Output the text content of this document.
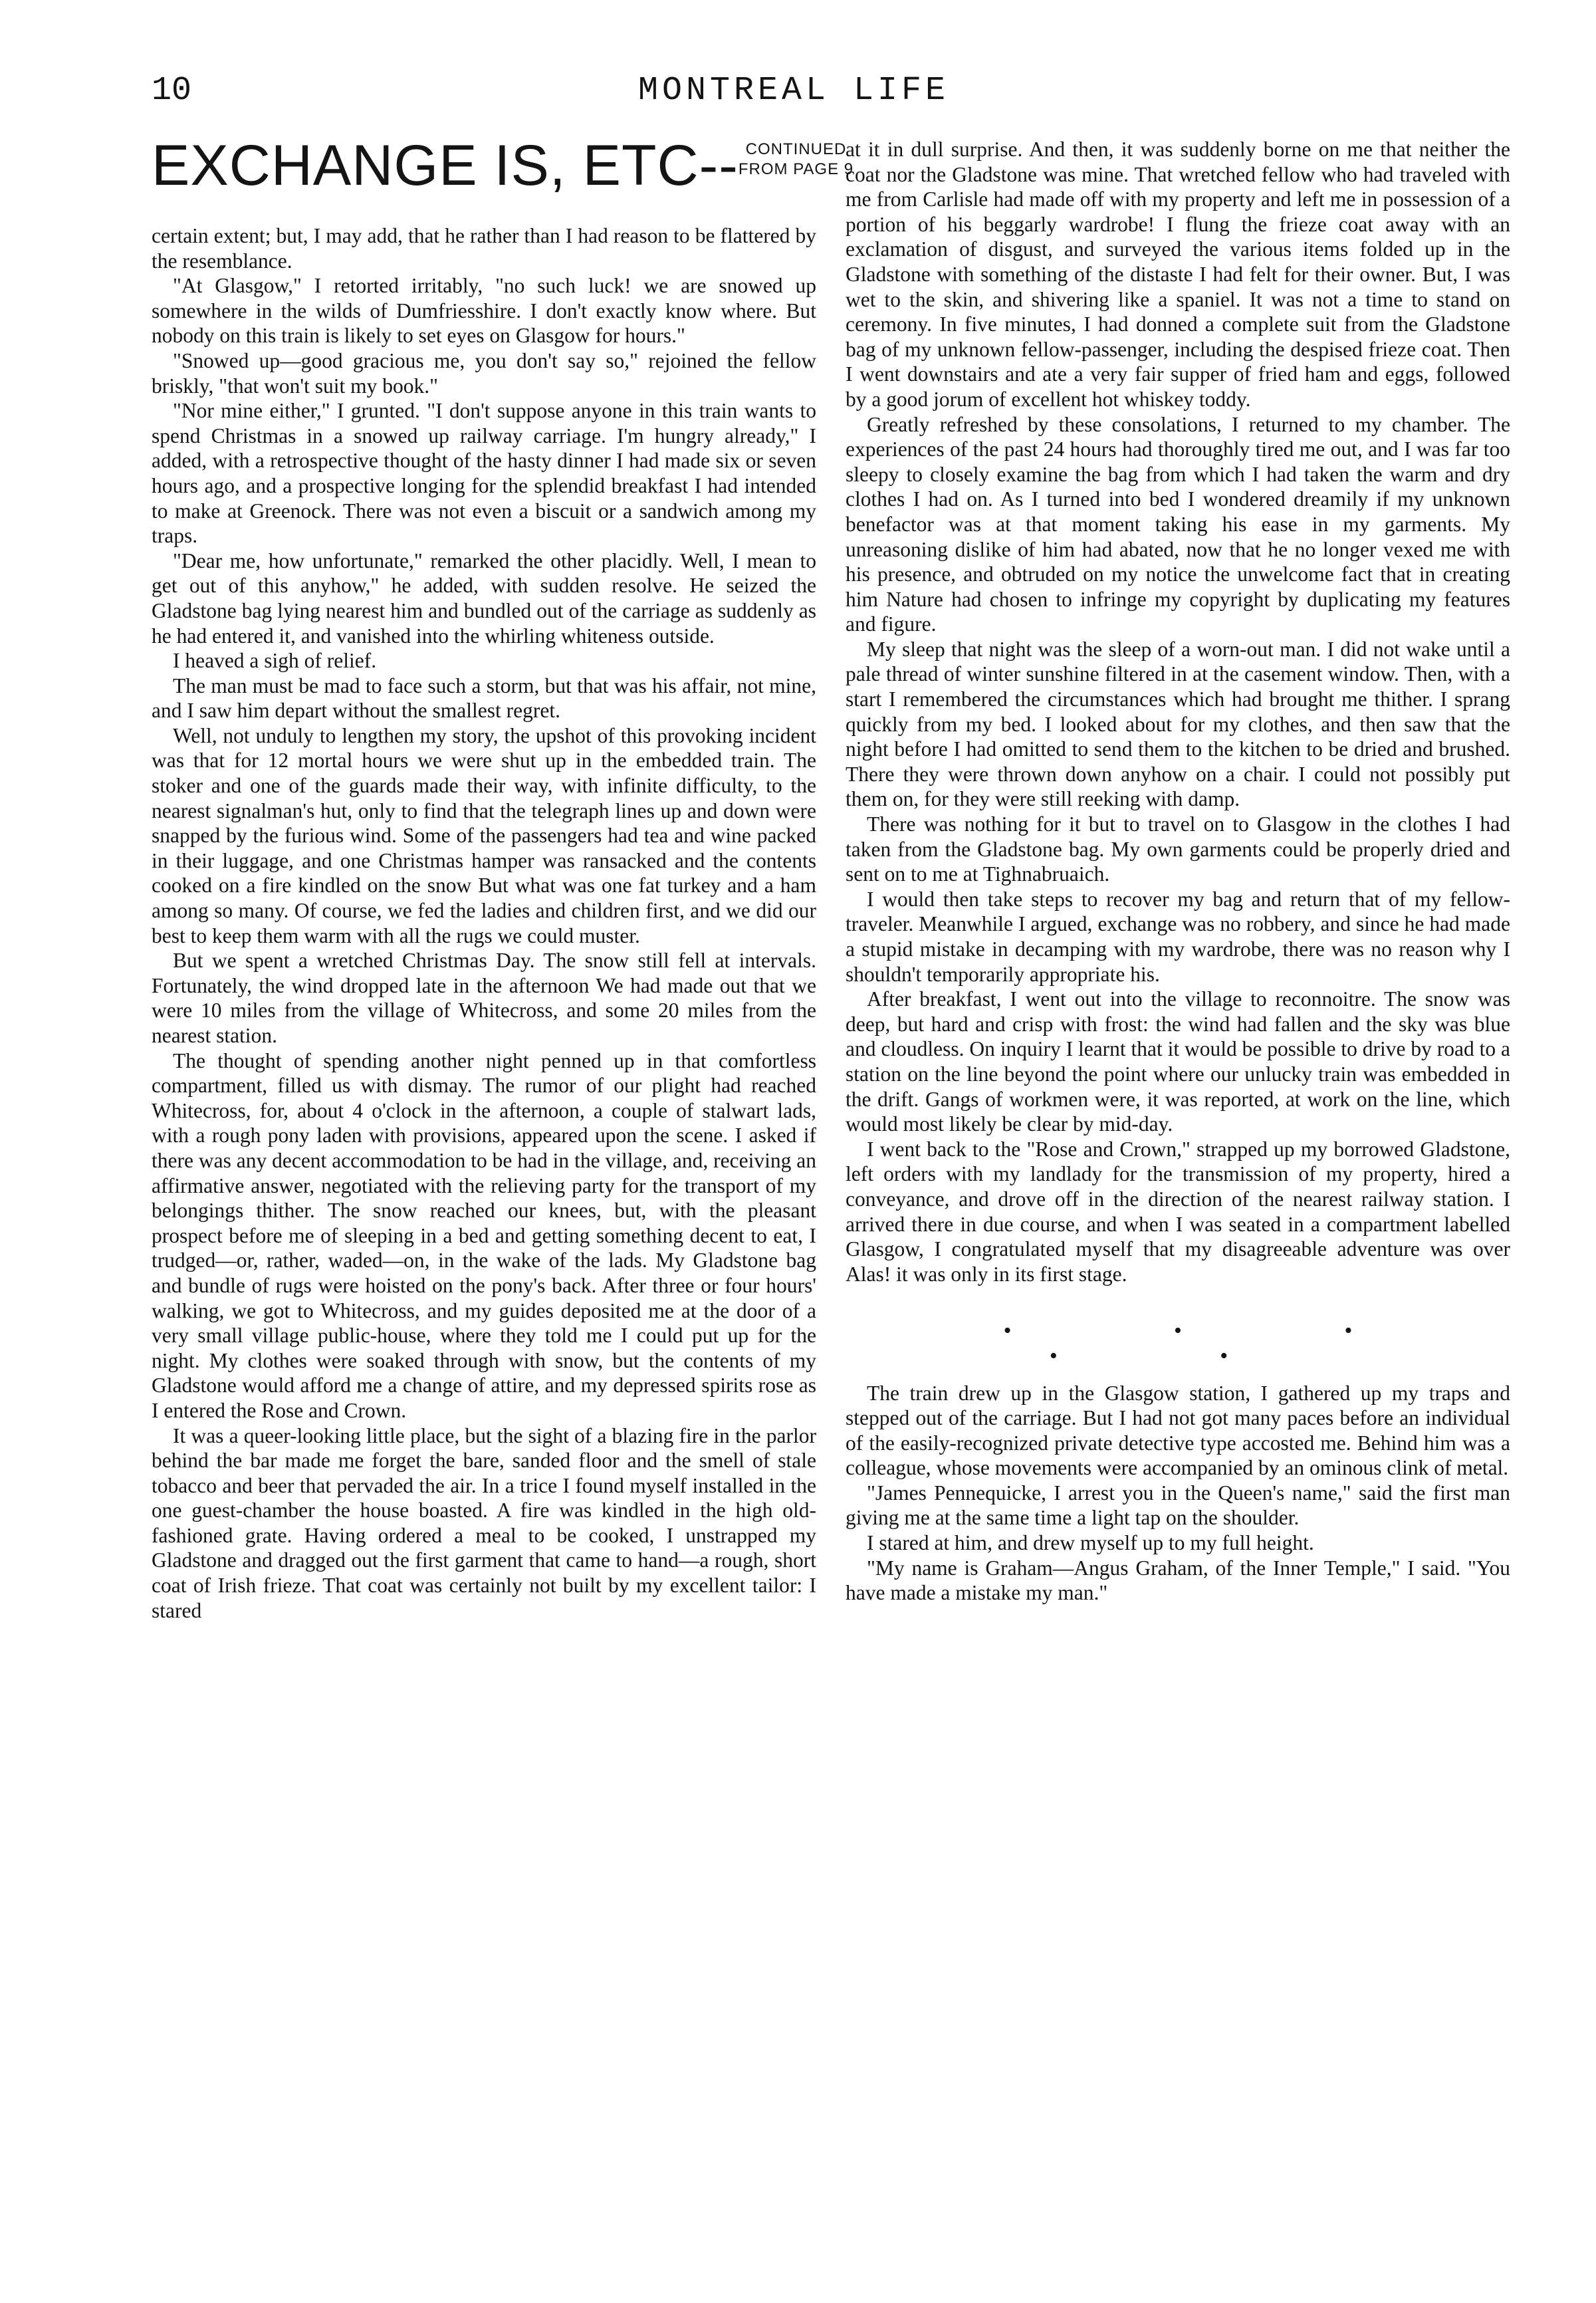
10	MONTREAL LIFE
EXCHANGE IS, ETC-- CONTINUED
FROM PAGE 9

certain extent; but, I may add, that he rather than I had reason to be flattered by the resemblance.

"At Glasgow," I retorted irritably, "no such luck! we are snowed up somewhere in the wilds of Dumfriesshire. I don't exactly know where. But nobody on this train is likely to set eyes on Glasgow for hours."

"Snowed up—good gracious me, you don't say so," rejoined the fellow briskly, "that won't suit my book."

"Nor mine either," I grunted. "I don't suppose anyone in this train wants to spend Christmas in a snowed up railway carriage. I'm hungry already," I added, with a retrospective thought of the hasty dinner I had made six or seven hours ago, and a prospective longing for the splendid breakfast I had intended to make at Greenock. There was not even a biscuit or a sandwich among my traps.

"Dear me, how unfortunate," remarked the other placidly. Well, I mean to get out of this anyhow," he added, with sudden resolve. He seized the Gladstone bag lying nearest him and bundled out of the carriage as suddenly as he had entered it, and vanished into the whirling whiteness outside.

I heaved a sigh of relief.

The man must be mad to face such a storm, but that was his affair, not mine, and I saw him depart without the smallest regret.

Well, not unduly to lengthen my story, the upshot of this provoking incident was that for 12 mortal hours we were shut up in the embedded train. The stoker and one of the guards made their way, with infinite difficulty, to the nearest signalman's hut, only to find that the telegraph lines up and down were snapped by the furious wind. Some of the passengers had tea and wine packed in their luggage, and one Christmas hamper was ransacked and the contents cooked on a fire kindled on the snow But what was one fat turkey and a ham among so many. Of course, we fed the ladies and children first, and we did our best to keep them warm with all the rugs we could muster.

But we spent a wretched Christmas Day. The snow still fell at intervals. Fortunately, the wind dropped late in the afternoon We had made out that we were 10 miles from the village of Whitecross, and some 20 miles from the nearest station.

The thought of spending another night penned up in that comfortless compartment, filled us with dismay. The rumor of our plight had reached Whitecross, for, about 4 o'clock in the afternoon, a couple of stalwart lads, with a rough pony laden with provisions, appeared upon the scene. I asked if there was any decent accommodation to be had in the village, and, receiving an affirmative answer, negotiated with the relieving party for the transport of my belongings thither. The snow reached our knees, but, with the pleasant prospect before me of sleeping in a bed and getting something decent to eat, I trudged—or, rather, waded—on, in the wake of the lads. My Gladstone bag and bundle of rugs were hoisted on the pony's back. After three or four hours' walking, we got to Whitecross, and my guides deposited me at the door of a very small village public-house, where they told me I could put up for the night. My clothes were soaked through with snow, but the contents of my Gladstone would afford me a change of attire, and my depressed spirits rose as I entered the Rose and Crown.

It was a queer-looking little place, but the sight of a blazing fire in the parlor behind the bar made me forget the bare, sanded floor and the smell of stale tobacco and beer that pervaded the air. In a trice I found myself installed in the one guest-chamber the house boasted. A fire was kindled in the high old-fashioned grate. Having ordered a meal to be cooked, I unstrapped my Gladstone and dragged out the first garment that came to hand—a rough, short coat of Irish frieze. That coat was certainly not built by my excellent tailor: I stared

at it in dull surprise. And then, it was suddenly borne on me that neither the coat nor the Gladstone was mine. That wretched fellow who had traveled with me from Carlisle had made off with my property and left me in possession of a portion of his beggarly wardrobe! I flung the frieze coat away with an exclamation of disgust, and surveyed the various items folded up in the Gladstone with something of the distaste I had felt for their owner. But, I was wet to the skin, and shivering like a spaniel. It was not a time to stand on ceremony. In five minutes, I had donned a complete suit from the Gladstone bag of my unknown fellow-passenger, including the despised frieze coat. Then I went downstairs and ate a very fair supper of fried ham and eggs, followed by a good jorum of excellent hot whiskey toddy.

Greatly refreshed by these consolations, I returned to my chamber. The experiences of the past 24 hours had thoroughly tired me out, and I was far too sleepy to closely examine the bag from which I had taken the warm and dry clothes I had on. As I turned into bed I wondered dreamily if my unknown benefactor was at that moment taking his ease in my garments. My unreasoning dislike of him had abated, now that he no longer vexed me with his presence, and obtruded on my notice the unwelcome fact that in creating him Nature had chosen to infringe my copyright by duplicating my features and figure.

My sleep that night was the sleep of a worn-out man. I did not wake until a pale thread of winter sunshine filtered in at the casement window. Then, with a start I remembered the circumstances which had brought me thither. I sprang quickly from my bed. I looked about for my clothes, and then saw that the night before I had omitted to send them to the kitchen to be dried and brushed. There they were thrown down anyhow on a chair. I could not possibly put them on, for they were still reeking with damp.

There was nothing for it but to travel on to Glasgow in the clothes I had taken from the Gladstone bag. My own garments could be properly dried and sent on to me at Tighnabruaich.

I would then take steps to recover my bag and return that of my fellow-traveler. Meanwhile I argued, exchange was no robbery, and since he had made a stupid mistake in decamping with my wardrobe, there was no reason why I shouldn't temporarily appropriate his.

After breakfast, I went out into the village to reconnoitre. The snow was deep, but hard and crisp with frost: the wind had fallen and the sky was blue and cloudless. On inquiry I learnt that it would be possible to drive by road to a station on the line beyond the point where our unlucky train was embedded in the drift. Gangs of workmen were, it was reported, at work on the line, which would most likely be clear by mid-day.

I went back to the "Rose and Crown," strapped up my borrowed Gladstone, left orders with my landlady for the transmission of my property, hired a conveyance, and drove off in the direction of the nearest railway station. I arrived there in due course, and when I was seated in a compartment labelled Glasgow, I congratulated myself that my disagreeable adventure was over Alas! it was only in its first stage.

• • • • •

The train drew up in the Glasgow station, I gathered up my traps and stepped out of the carriage. But I had not got many paces before an individual of the easily-recognized private detective type accosted me. Behind him was a colleague, whose movements were accompanied by an ominous clink of metal.

"James Pennequicke, I arrest you in the Queen's name," said the first man giving me at the same time a light tap on the shoulder.

I stared at him, and drew myself up to my full height.

"My name is Graham—Angus Graham, of the Inner Temple," I said. "You have made a mistake my man."
